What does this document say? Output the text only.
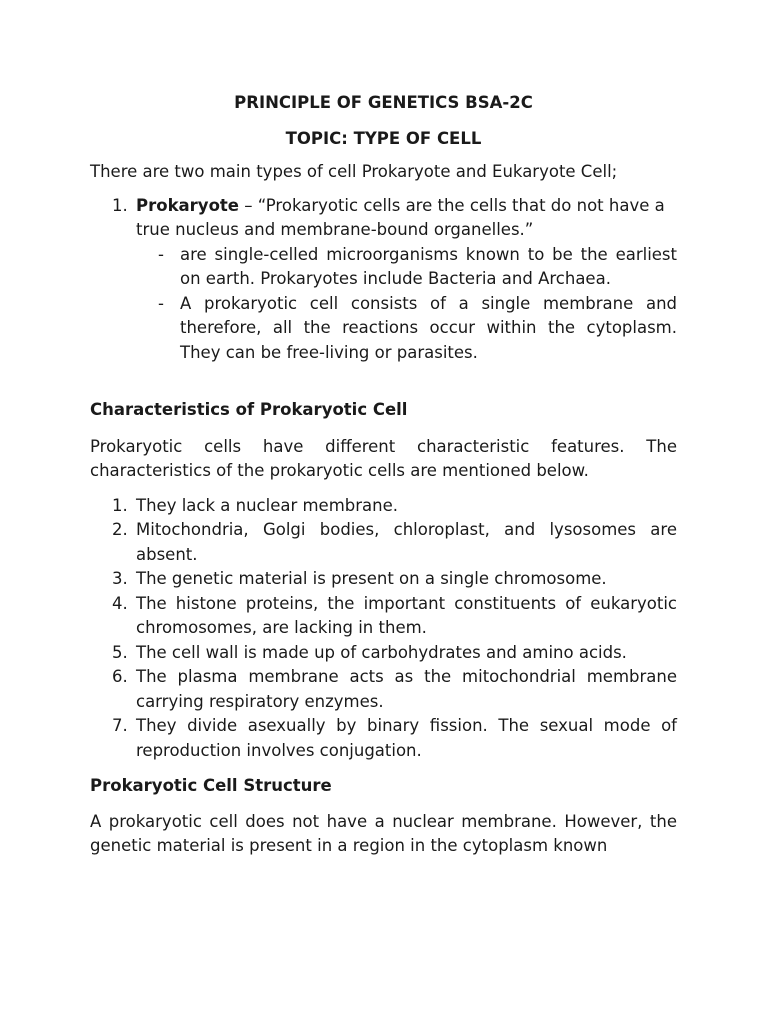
PRINCIPLE OF GENETICS BSA-2C

TOPIC: TYPE OF CELL

There are two main types of cell Prokaryote and Eukaryote Cell;

1. Prokaryote – “Prokaryotic cells are the cells that do not have a true nucleus and membrane-bound organelles.”
- are single-celled microorganisms known to be the earliest on earth. Prokaryotes include Bacteria and Archaea.
- A prokaryotic cell consists of a single membrane and therefore, all the reactions occur within the cytoplasm. They can be free-living or parasites.
Characteristics of Prokaryotic Cell

Prokaryotic cells have different characteristic features. The characteristics of the prokaryotic cells are mentioned below.

1. They lack a nuclear membrane.
2. Mitochondria, Golgi bodies, chloroplast, and lysosomes are absent.
3. The genetic material is present on a single chromosome.
4. The histone proteins, the important constituents of eukaryotic chromosomes, are lacking in them.
5. The cell wall is made up of carbohydrates and amino acids.
6. The plasma membrane acts as the mitochondrial membrane carrying respiratory enzymes.
7. They divide asexually by binary fission. The sexual mode of reproduction involves conjugation.
Prokaryotic Cell Structure

A prokaryotic cell does not have a nuclear membrane. However, the genetic material is present in a region in the cytoplasm known
